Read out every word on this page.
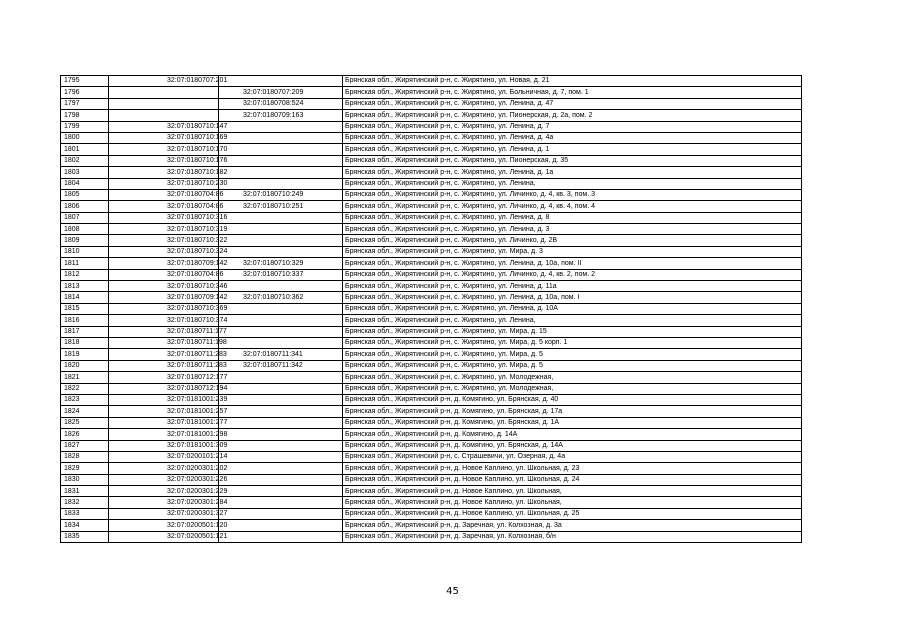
1795	32:07:0180707:201		Брянская обл., Жирятинский р-н, с. Жирятино, ул. Новая, д. 21
1796		32:07:0180707:209	Брянская обл., Жирятинский р-н, с. Жирятино, ул. Больничная, д. 7, пом. 1
1797		32:07:0180708:524	Брянская обл., Жирятинский р-н, с. Жирятино, ул. Ленина, д. 47
1798		32:07:0180709:163	Брянская обл., Жирятинский р-н, с. Жирятино, ул. Пионерская, д. 2а, пом. 2
1799	32:07:0180710:147		Брянская обл., Жирятинский р-н, с. Жирятино, ул. Ленина, д. 7
1800	32:07:0180710:169		Брянская обл., Жирятинский р-н, с. Жирятино, ул. Ленина, д. 4а
1801	32:07:0180710:170		Брянская обл., Жирятинский р-н, с. Жирятино, ул. Ленина, д. 1
1802	32:07:0180710:176		Брянская обл., Жирятинский р-н, с. Жирятино, ул. Пионерская, д. 35
1803	32:07:0180710:182		Брянская обл., Жирятинский р-н, с. Жирятино, ул. Ленина, д. 1а
1804	32:07:0180710:230		Брянская обл., Жирятинский р-н, с. Жирятино, ул. Ленина,
1805	32:07:0180704:86	32:07:0180710:249	Брянская обл., Жирятинский р-н, с. Жирятино, ул. Личинко, д. 4, кв. 3, пом. 3
1806	32:07:0180704:86	32:07:0180710:251	Брянская обл., Жирятинский р-н, с. Жирятино, ул. Личинко, д. 4, кв. 4, пом. 4
1807	32:07:0180710:316		Брянская обл., Жирятинский р-н, с. Жирятино, ул. Ленина, д. 8
1808	32:07:0180710:319		Брянская обл., Жирятинский р-н, с. Жирятино, ул. Ленина, д. 3
1809	32:07:0180710:322		Брянская обл., Жирятинский р-н, с. Жирятино, ул. Личинко, д. 2В
1810	32:07:0180710:324		Брянская обл., Жирятинский р-н, с. Жирятино, ул. Мира, д. 3
1811	32:07:0180709:142	32:07:0180710:329	Брянская обл., Жирятинский р-н, с. Жирятино, ул. Ленина, д. 10а, пом. II
1812	32:07:0180704:86	32:07:0180710:337	Брянская обл., Жирятинский р-н, с. Жирятино, ул. Личинко, д. 4, кв. 2, пом. 2
1813	32:07:0180710:346		Брянская обл., Жирятинский р-н, с. Жирятино, ул. Ленина, д. 11а
1814	32:07:0180709:142	32:07:0180710:362	Брянская обл., Жирятинский р-н, с. Жирятино, ул. Ленина, д. 10а, пом. I
1815	32:07:0180710:369		Брянская обл., Жирятинский р-н, с. Жирятино, ул. Ленина, д. 10А
1816	32:07:0180710:374		Брянская обл., Жирятинский р-н, с. Жирятино, ул. Ленина,
1817	32:07:0180711:177		Брянская обл., Жирятинский р-н, с. Жирятино, ул. Мира, д. 15
1818	32:07:0180711:198		Брянская обл., Жирятинский р-н, с. Жирятино, ул. Мира, д. 5 корп. 1
1819	32:07:0180711:283	32:07:0180711:341	Брянская обл., Жирятинский р-н, с. Жирятино, ул. Мира, д. 5
1820	32:07:0180711:283	32:07:0180711:342	Брянская обл., Жирятинский р-н, с. Жирятино, ул. Мира, д. 5
1821	32:07:0180712:177		Брянская обл., Жирятинский р-н, с. Жирятино, ул. Молодежная,
1822	32:07:0180712:194		Брянская обл., Жирятинский р-н, с. Жирятино, ул. Молодежная,
1823	32:07:0181001:239		Брянская обл., Жирятинский р-н, д. Комягино, ул. Брянская, д. 40
1824	32:07:0181001:257		Брянская обл., Жирятинский р-н, д. Комягино, ул. Брянская, д. 17а
1825	32:07:0181001:277		Брянская обл., Жирятинский р-н, д. Комягино, ул. Брянская, д. 1А
1826	32:07:0181001:298		Брянская обл., Жирятинский р-н, д. Комягино, д. 14А
1827	32:07:0181001:309		Брянская обл., Жирятинский р-н, д. Комягино, ул. Брянская, д. 14А
1828	32:07:0200101:214		Брянская обл., Жирятинский р-н, с. Страшевичи, ул. Озерная, д. 4а
1829	32:07:0200301:202		Брянская обл., Жирятинский р-н, д. Новое Каплино, ул. Школьная, д. 23
1830	32:07:0200301:226		Брянская обл., Жирятинский р-н, д. Новое Каплино, ул. Школьная, д. 24
1831	32:07:0200301:229		Брянская обл., Жирятинский р-н, д. Новое Каплино, ул. Школьная,
1832	32:07:0200301:284		Брянская обл., Жирятинский р-н, д. Новое Каплино, ул. Школьная,
1833	32:07:0200301:327		Брянская обл., Жирятинский р-н, д. Новое Каплино, ул. Школьная, д. 25
1834	32:07:0200501:120		Брянская обл., Жирятинский р-н, д. Заречная, ул. Колхозная, д. 3а
1835	32:07:0200501:121		Брянская обл., Жирятинский р-н, д. Заречная, ул. Колхозная, б/н
45
